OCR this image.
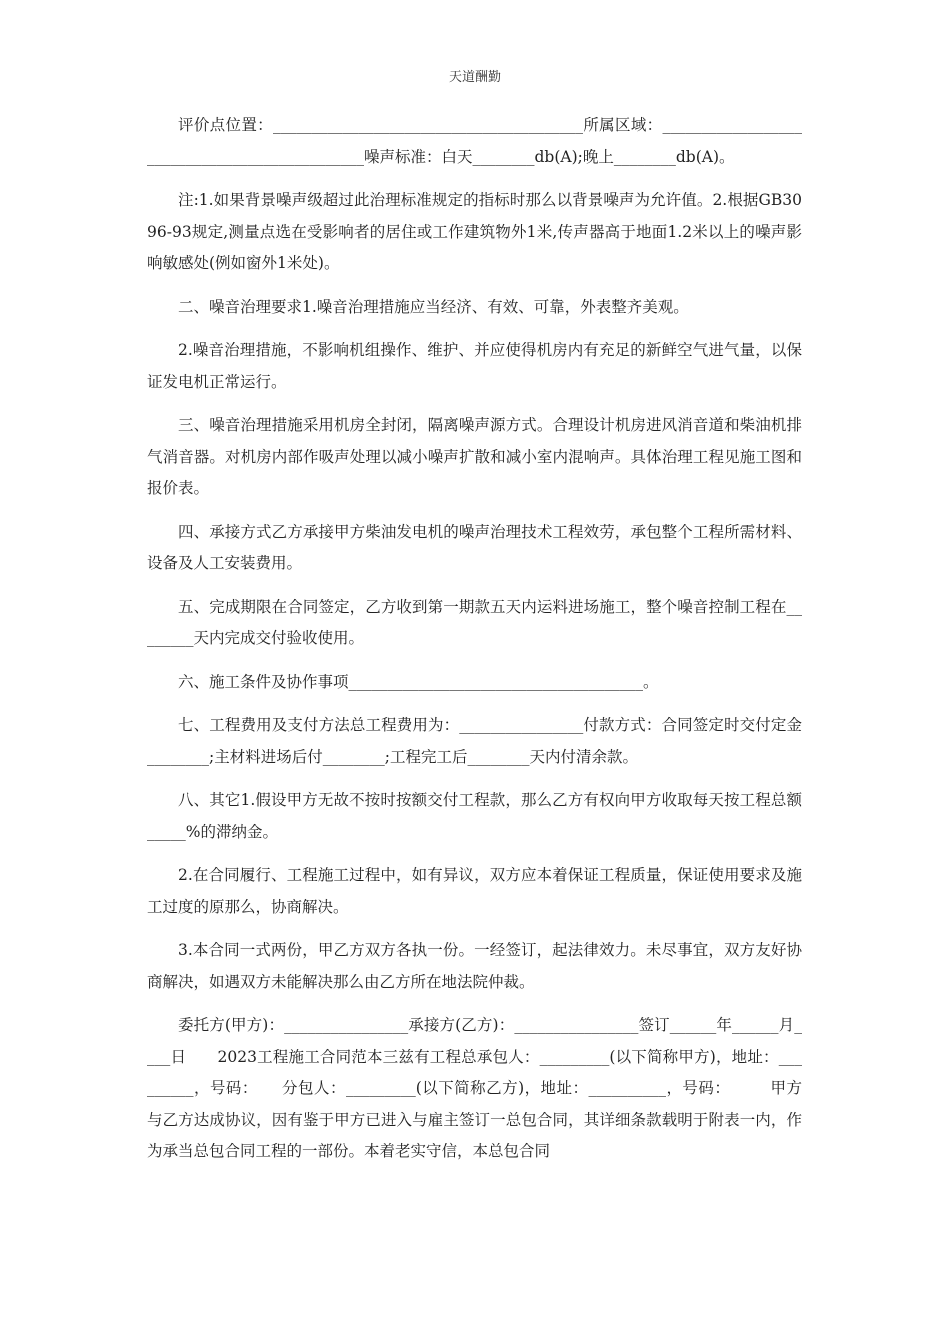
天道酬勤

评价点位置：________________________________________所属区域：______________________________________________噪声标准：白天________db(A);晚上________db(A)。

注:1.如果背景噪声级超过此治理标准规定的指标时那么以背景噪声为允许值。2.根据GB3096-93规定,测量点选在受影响者的居住或工作建筑物外1米,传声器高于地面1.2米以上的噪声影响敏感处(例如窗外1米处)。

二、噪音治理要求1.噪音治理措施应当经济、有效、可靠，外表整齐美观。

2.噪音治理措施，不影响机组操作、维护、并应使得机房内有充足的新鲜空气进气量，以保证发电机正常运行。

三、噪音治理措施采用机房全封闭，隔离噪声源方式。合理设计机房进风消音道和柴油机排气消音器。对机房内部作吸声处理以减小噪声扩散和减小室内混响声。具体治理工程见施工图和报价表。

四、承接方式乙方承接甲方柴油发电机的噪声治理技术工程效劳，承包整个工程所需材料、设备及人工安装费用。

五、完成期限在合同签定，乙方收到第一期款五天内运料进场施工，整个噪音控制工程在________天内完成交付验收使用。

六、施工条件及协作事项______________________________________。

七、工程费用及支付方法总工程费用为：________________付款方式：合同签定时交付定金________;主材料进场后付________;工程完工后________天内付清余款。

八、其它1.假设甲方无故不按时按额交付工程款，那么乙方有权向甲方收取每天按工程总额_____%的滞纳金。

2.在合同履行、工程施工过程中，如有异议，双方应本着保证工程质量，保证使用要求及施工过度的原那么，协商解决。

3.本合同一式两份，甲乙方双方各执一份。一经签订，起法律效力。未尽事宜，双方友好协商解决，如遇双方未能解决那么由乙方所在地法院仲裁。

委托方(甲方)：________________承接方(乙方)：________________签订______年______月____日　　2023工程施工合同范本三兹有工程总承包人：_________(以下简称甲方)，地址：_________，号码：　　分包人：_________(以下简称乙方)，地址：__________，号码：　　　甲方与乙方达成协议，因有鉴于甲方已进入与雇主签订一总包合同，其详细条款载明于附表一内，作为承当总包合同工程的一部份。本着老实守信，本总包合同
